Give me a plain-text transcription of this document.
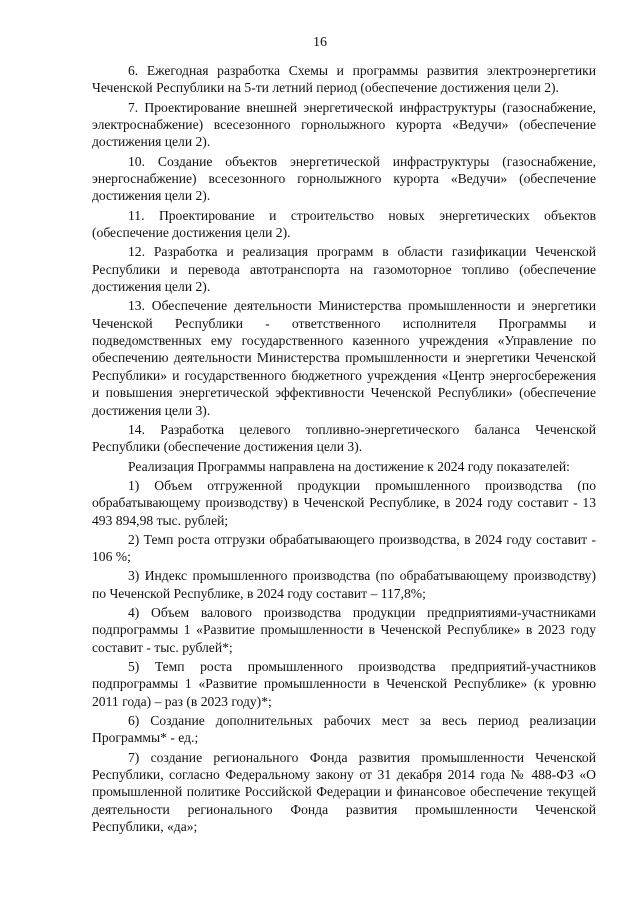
16

6. Ежегодная разработка Схемы и программы развития электроэнергетики Чеченской Республики на 5-ти летний период (обеспечение достижения цели 2).

7. Проектирование внешней энергетической инфраструктуры (газоснабжение, электроснабжение) всесезонного горнолыжного курорта «Ведучи» (обеспечение достижения цели 2).

10. Создание объектов энергетической инфраструктуры (газоснабжение, энергоснабжение) всесезонного горнолыжного курорта «Ведучи» (обеспечение достижения цели 2).

11. Проектирование и строительство новых энергетических объектов (обеспечение достижения цели 2).

12. Разработка и реализация программ в области газификации Чеченской Республики и перевода автотранспорта на газомоторное топливо (обеспечение достижения цели 2).

13. Обеспечение деятельности Министерства промышленности и энергетики Чеченской Республики - ответственного исполнителя Программы и подведомственных ему государственного казенного учреждения «Управление по обеспечению деятельности Министерства промышленности и энергетики Чеченской Республики» и государственного бюджетного учреждения «Центр энергосбережения и повышения энергетической эффективности Чеченской Республики» (обеспечение достижения цели 3).

14. Разработка целевого топливно-энергетического баланса Чеченской Республики (обеспечение достижения цели 3).

Реализация Программы направлена на достижение к 2024 году показателей:

1) Объем отгруженной продукции промышленного производства (по обрабатывающему производству) в Чеченской Республике, в 2024 году составит - 13 493 894,98 тыс. рублей;

2) Темп роста отгрузки обрабатывающего производства, в 2024 году составит - 106 %;

3) Индекс промышленного производства (по обрабатывающему производству) по Чеченской Республике, в 2024 году составит – 117,8%;

4) Объем валового производства продукции предприятиями-участниками подпрограммы 1 «Развитие промышленности в Чеченской Республике» в 2023 году составит - тыс. рублей*;

5) Темп роста промышленного производства предприятий-участников подпрограммы 1 «Развитие промышленности в Чеченской Республике» (к уровню 2011 года) – раз (в 2023 году)*;

6) Создание дополнительных рабочих мест за весь период реализации Программы* - ед.;

7) создание регионального Фонда развития промышленности Чеченской Республики, согласно Федеральному закону от 31 декабря 2014 года № 488-ФЗ «О промышленной политике Российской Федерации и финансовое обеспечение текущей деятельности регионального Фонда развития промышленности Чеченской Республики, «да»;
